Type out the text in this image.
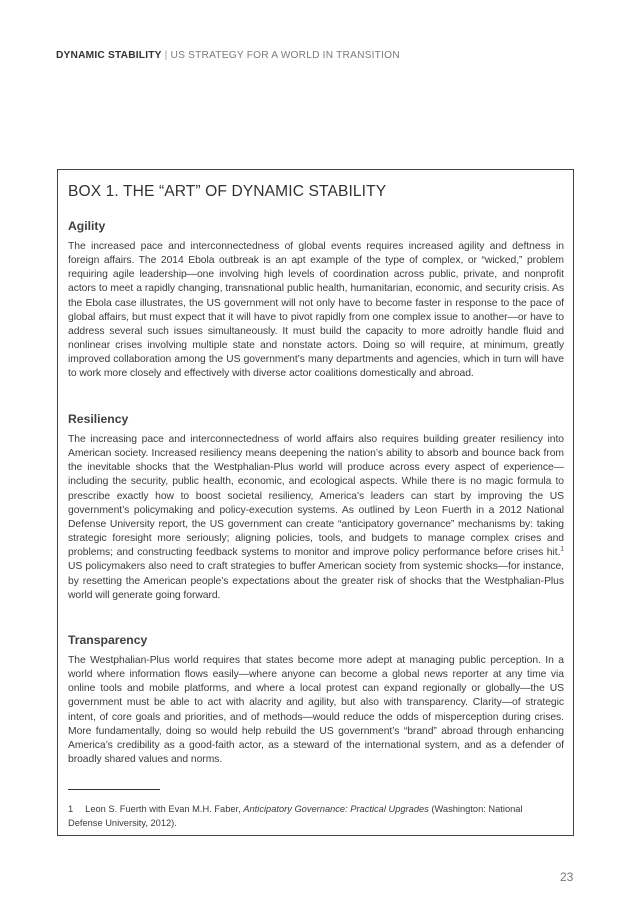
DYNAMIC STABILITY | US STRATEGY FOR A WORLD IN TRANSITION
BOX 1. THE “ART” OF DYNAMIC STABILITY
Agility
The increased pace and interconnectedness of global events requires increased agility and deftness in foreign affairs. The 2014 Ebola outbreak is an apt example of the type of complex, or “wicked,” problem requiring agile leadership—one involving high levels of coordination across public, private, and nonprofit actors to meet a rapidly changing, transnational public health, humanitarian, economic, and security crisis. As the Ebola case illustrates, the US government will not only have to become faster in response to the pace of global affairs, but must expect that it will have to pivot rapidly from one complex issue to another—or have to address several such issues simultaneously. It must build the capacity to more adroitly handle fluid and nonlinear crises involving multiple state and nonstate actors. Doing so will require, at minimum, greatly improved collaboration among the US government’s many departments and agencies, which in turn will have to work more closely and effectively with diverse actor coalitions domestically and abroad.
Resiliency
The increasing pace and interconnectedness of world affairs also requires building greater resiliency into American society. Increased resiliency means deepening the nation’s ability to absorb and bounce back from the inevitable shocks that the Westphalian-Plus world will produce across every aspect of experience—including the security, public health, economic, and ecological aspects. While there is no magic formula to prescribe exactly how to boost societal resiliency, America’s leaders can start by improving the US government’s policymaking and policy-execution systems. As outlined by Leon Fuerth in a 2012 National Defense University report, the US government can create “anticipatory governance” mechanisms by: taking strategic foresight more seriously; aligning policies, tools, and budgets to manage complex crises and problems; and constructing feedback systems to monitor and improve policy performance before crises hit.$^1$ US policymakers also need to craft strategies to buffer American society from systemic shocks—for instance, by resetting the American people’s expectations about the greater risk of shocks that the Westphalian-Plus world will generate going forward.
Transparency
The Westphalian-Plus world requires that states become more adept at managing public perception. In a world where information flows easily—where anyone can become a global news reporter at any time via online tools and mobile platforms, and where a local protest can expand regionally or globally—the US government must be able to act with alacrity and agility, but also with transparency. Clarity—of strategic intent, of core goals and priorities, and of methods—would reduce the odds of misperception during crises. More fundamentally, doing so would help rebuild the US government’s “brand” abroad through enhancing America’s credibility as a good-faith actor, as a steward of the international system, and as a defender of broadly shared values and norms.
1 Leon S. Fuerth with Evan M.H. Faber, Anticipatory Governance: Practical Upgrades (Washington: National Defense University, 2012).
23
